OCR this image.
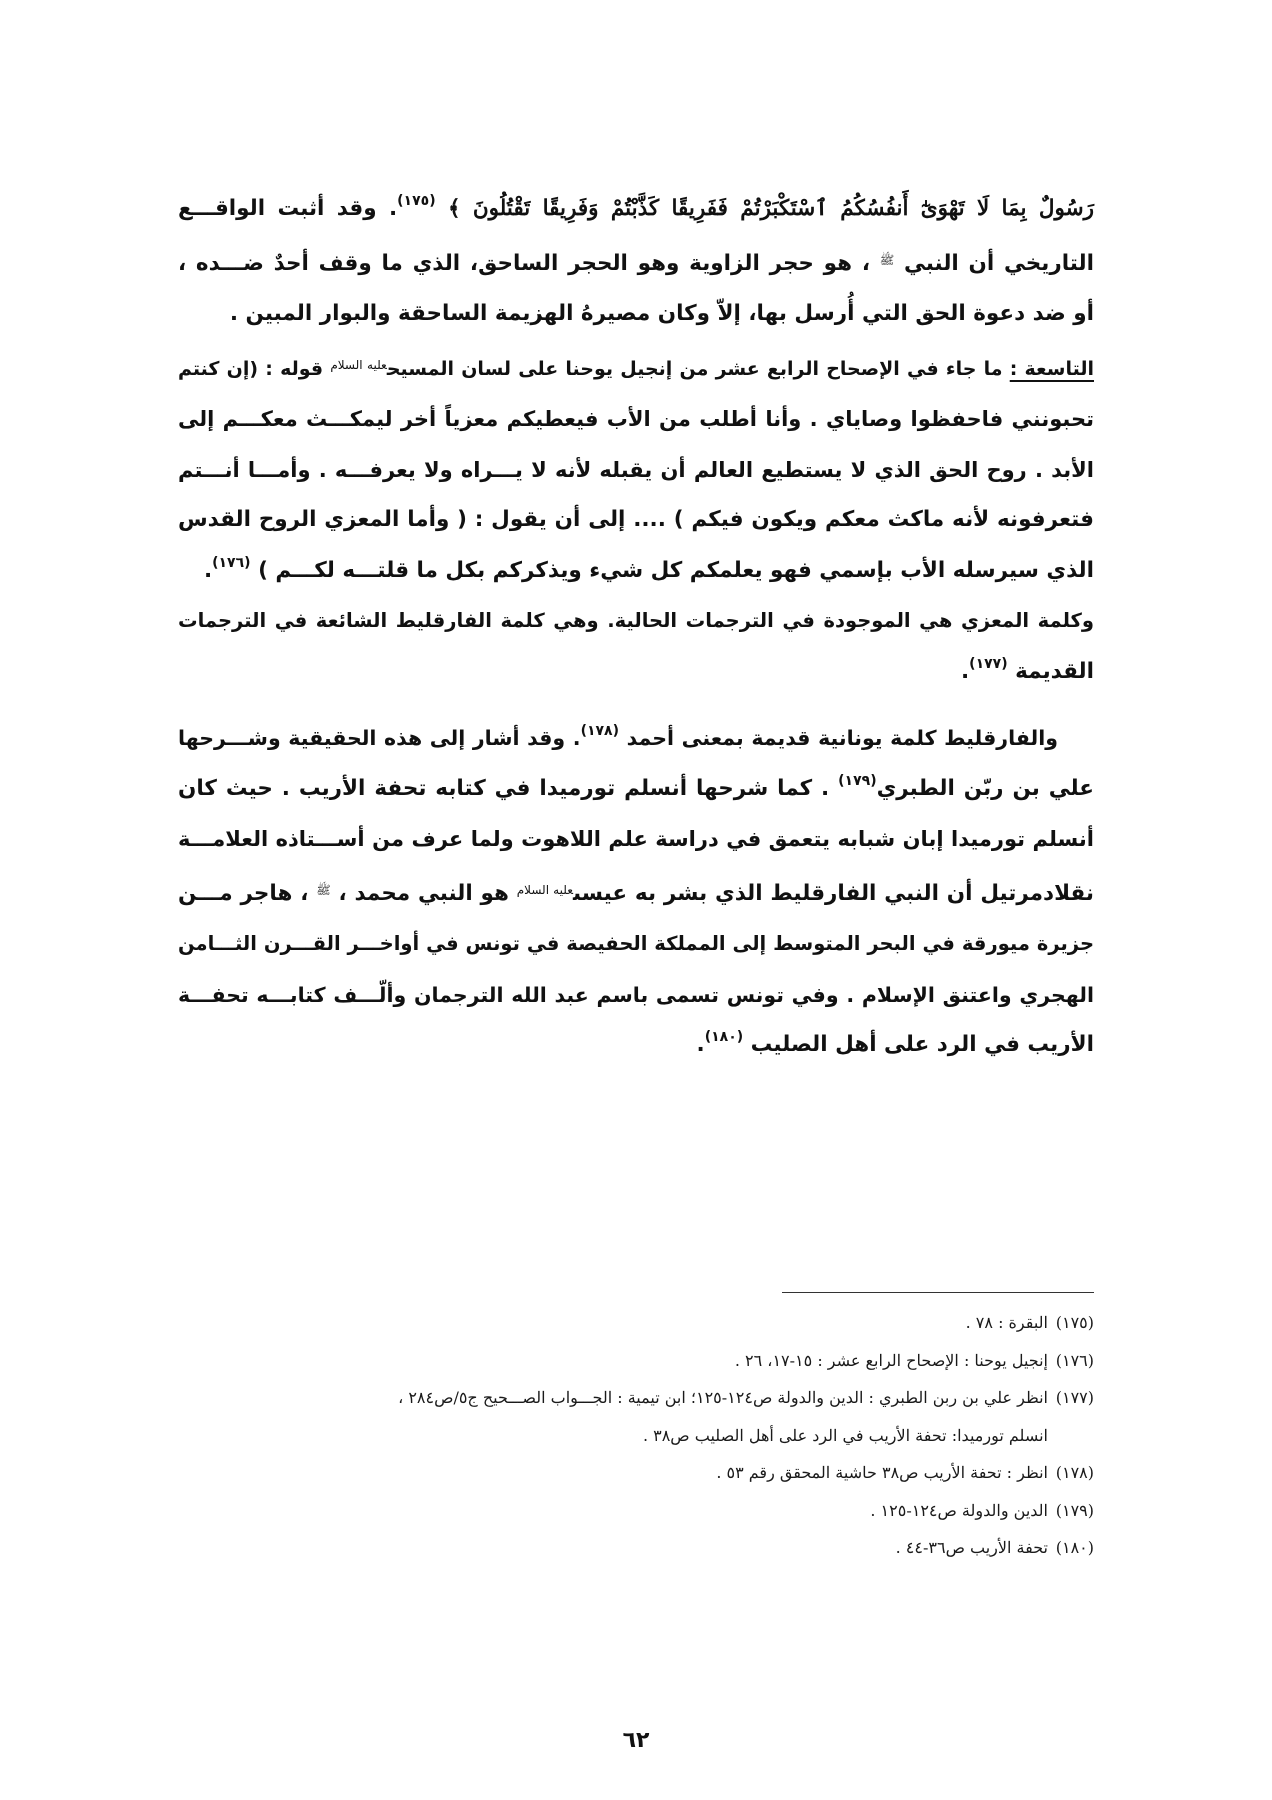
رَسُولٌ بِمَا لَا تَهْوَىٰٓ أَنفُسُكُمُ ٱسْتَكْبَرْتُمْ فَفَرِيقًا كَذَّبْتُمْ وَفَرِيقًا تَقْتُلُونَ ﴾ $^{(١٧٥)}$. وقد أثبت الواقـــع
التاريخي أن النبي $^ﷺ$ ، هو حجر الزاوية وهو الحجر الساحق، الذي ما وقف أحدٌ ضـــده ،
أو ضد دعوة الحق التي أُرسل بها، إلاّ وكان مصيرهُ الهزيمة الساحقة والبوار المبين .
التاسعة : ما جاء في الإصحاح الرابع عشر من إنجيل يوحنا على لسان المسيح$^{عليه السلام}$ قوله : (إن كنتم
تحبونني فاحفظوا وصاياي . وأنا أطلب من الأب فيعطيكم معزياً أخر ليمكـــث معكـــم إلى
الأبد . روح الحق الذي لا يستطيع العالم أن يقبله لأنه لا يـــراه ولا يعرفـــه . وأمـــا أنـــتم
فتعرفونه لأنه ماكث معكم ويكون فيكم ) .... إلى أن يقول : ( وأما المعزي الروح القدس
الذي سيرسله الأب بإسمي فهو يعلمكم كل شيء ويذكركم بكل ما قلتـــه لكـــم ) $^{(١٧٦)}$.
وكلمة المعزي هي الموجودة في الترجمات الحالية. وهي كلمة الفارقليط الشائعة في الترجمات
القديمة $^{(١٧٧)}$.
والفارقليط كلمة يونانية قديمة بمعنى أحمد $^{(١٧٨)}$. وقد أشار إلى هذه الحقيقية وشـــرحها
علي بن ربّن الطبري$^{(١٧٩)}$ . كما شرحها أنسلم تورميدا في كتابه تحفة الأريب . حيث كان
أنسلم تورميدا إبان شبابه يتعمق في دراسة علم اللاهوت ولما عرف من أســـتاذه العلامـــة
نقلادمرتيل أن النبي الفارقليط الذي بشر به عيسى$^{عليه السلام}$ هو النبي محمد ، $^ﷺ$ ، هاجر مـــن
جزيرة ميورقة في البحر المتوسط إلى المملكة الحفيصة في تونس في أواخـــر القـــرن الثـــامن
الهجري واعتنق الإسلام . وفي تونس تسمى باسم عبد الله الترجمان وألّـــف كتابـــه تحفـــة
الأريب في الرد على أهل الصليب $^{(١٨٠)}$.
(١٧٥)البقرة : ٧٨ .
(١٧٦)إنجيل يوحنا : الإصحاح الرابع عشر : ١٥-١٧، ٢٦ .
(١٧٧)انظر علي بن ربن الطبري : الدين والدولة ص١٢٤-١٢٥؛ ابن تيمية : الجـــواب الصـــحيح ج٥/ص٢٨٤ ،
انسلم تورميدا: تحفة الأريب في الرد على أهل الصليب ص٣٨ .
(١٧٨)انظر : تحفة الأريب ص٣٨ حاشية المحقق رقم ٥٣ .
(١٧٩)الدين والدولة ص١٢٤-١٢٥ .
(١٨٠)تحفة الأريب ص٣٦-٤٤ .
٦٢
